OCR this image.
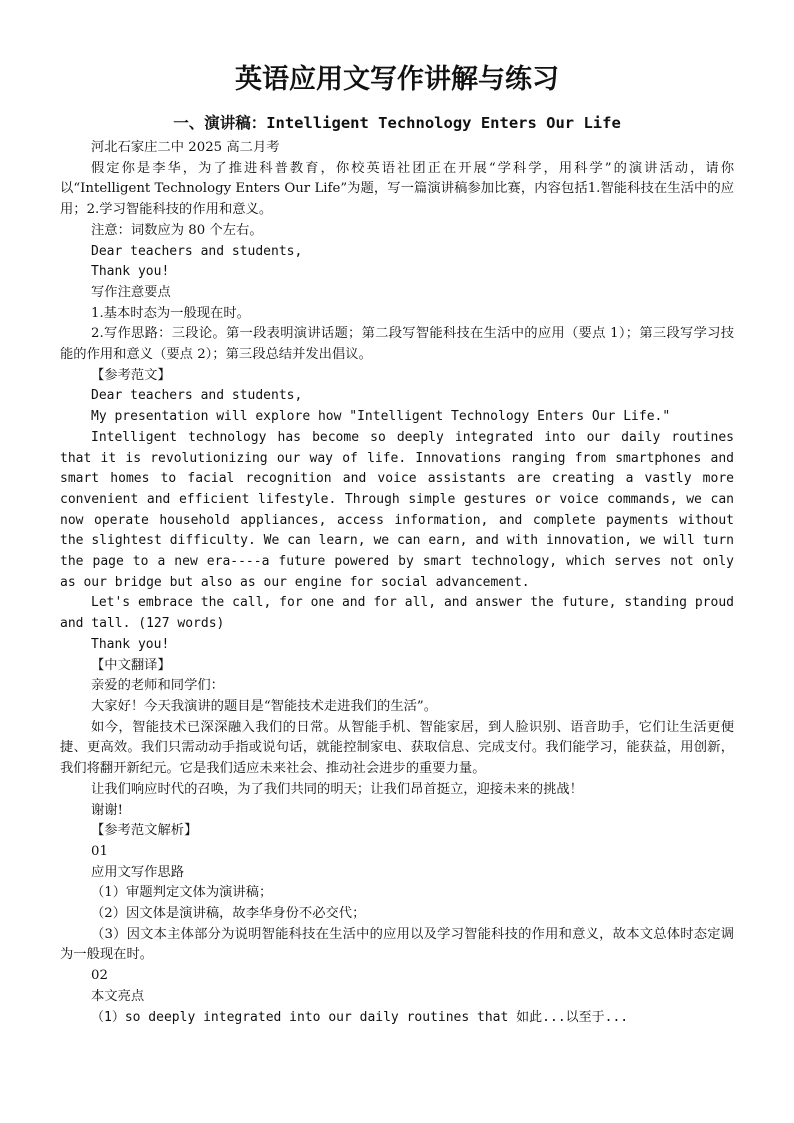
英语应用文写作讲解与练习
一、演讲稿：Intelligent Technology Enters Our Life

河北石家庄二中 2025 高二月考

假定你是李华，为了推进科普教育，你校英语社团正在开展“学科学，用科学”的演讲活动，请你以“Intelligent Technology Enters Our Life”为题，写一篇演讲稿参加比赛，内容包括1.智能科技在生活中的应用；2.学习智能科技的作用和意义。

注意：词数应为 80 个左右。

Dear teachers and students,

Thank you!

写作注意要点

1.基本时态为一般现在时。

2.写作思路：三段论。第一段表明演讲话题；第二段写智能科技在生活中的应用（要点 1）；第三段写学习技能的作用和意义（要点 2）；第三段总结并发出倡议。

【参考范文】

Dear teachers and students,

My presentation will explore how "Intelligent Technology Enters Our Life."

Intelligent technology has become so deeply integrated into our daily routines that it is revolutionizing our way of life. Innovations ranging from smartphones and smart homes to facial recognition and voice assistants are creating a vastly more convenient and efficient lifestyle. Through simple gestures or voice commands, we can now operate household appliances, access information, and complete payments without the slightest difficulty. We can learn, we can earn, and with innovation, we will turn the page to a new era----a future powered by smart technology, which serves not only as our bridge but also as our engine for social advancement.

Let's embrace the call, for one and for all, and answer the future, standing proud and tall. (127 words)

Thank you!

【中文翻译】

亲爱的老师和同学们：

大家好！今天我演讲的题目是“智能技术走进我们的生活”。

如今，智能技术已深深融入我们的日常。从智能手机、智能家居，到人脸识别、语音助手，它们让生活更便捷、更高效。我们只需动动手指或说句话，就能控制家电、获取信息、完成支付。我们能学习，能获益，用创新，我们将翻开新纪元。它是我们适应未来社会、推动社会进步的重要力量。

让我们响应时代的召唤，为了我们共同的明天；让我们昂首挺立，迎接未来的挑战！

谢谢!

【参考范文解析】

01

应用文写作思路

（1）审题判定文体为演讲稿；

（2）因文体是演讲稿，故李华身份不必交代；

（3）因文本主体部分为说明智能科技在生活中的应用以及学习智能科技的作用和意义，故本文总体时态定调为一般现在时。

02

本文亮点

（1）so deeply integrated into our daily routines that 如此...以至于...
